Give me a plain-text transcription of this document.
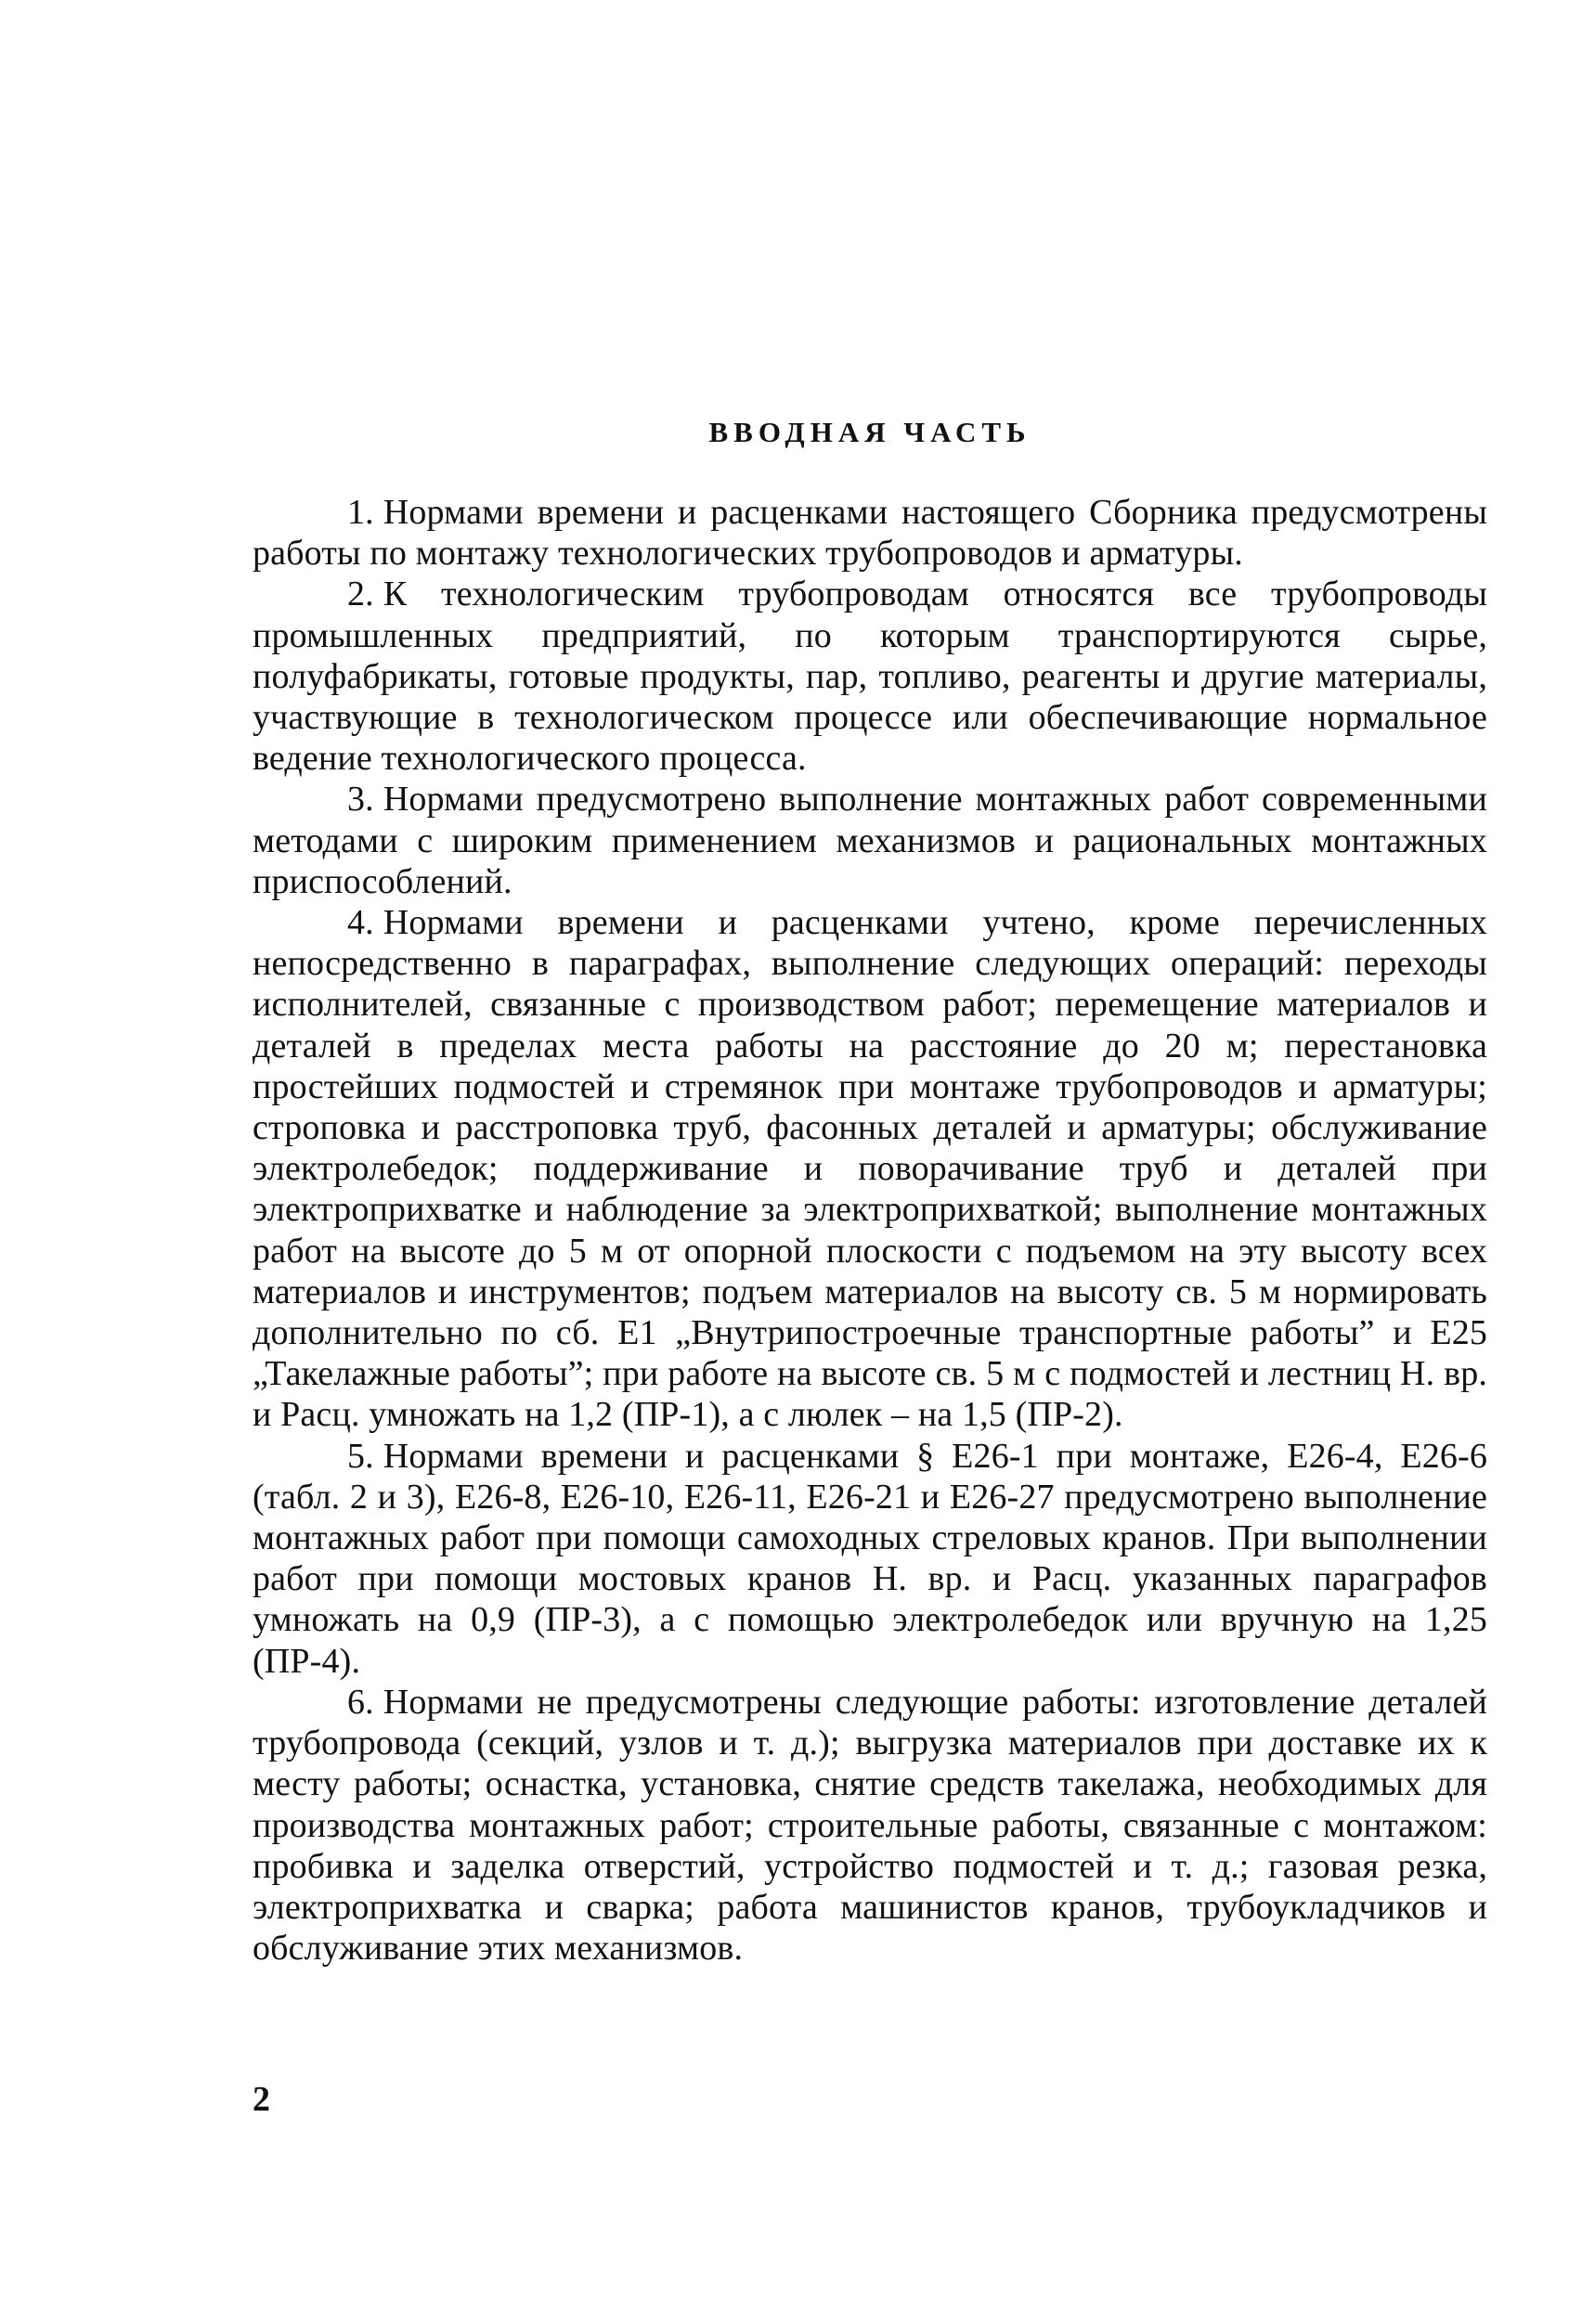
ВВОДНАЯ ЧАСТЬ

1. Нормами времени и расценками настоящего Сборника предусмотрены работы по монтажу технологических трубопроводов и арматуры.

2. К технологическим трубопроводам относятся все трубопроводы промышленных предприятий, по которым транспортируются сырье, полуфабрикаты, готовые продукты, пар, топливо, реагенты и другие материалы, участвующие в технологическом процессе или обеспечивающие нормальное ведение технологического процесса.

3. Нормами предусмотрено выполнение монтажных работ современными методами с широким применением механизмов и рациональных монтажных приспособлений.

4. Нормами времени и расценками учтено, кроме перечисленных непосредственно в параграфах, выполнение следующих операций: переходы исполнителей, связанные с производством работ; перемещение материалов и деталей в пределах места работы на расстояние до 20 м; перестановка простейших подмостей и стремянок при монтаже трубопроводов и арматуры; строповка и расстроповка труб, фасонных деталей и арматуры; обслуживание электролебедок; поддерживание и поворачивание труб и деталей при электроприхватке и наблюдение за электроприхваткой; выполнение монтажных работ на высоте до 5 м от опорной плоскости с подъемом на эту высоту всех материалов и инструментов; подъем материалов на высоту св. 5 м нормировать дополнительно по сб. Е1 „Внутрипостроечные транспортные работы” и Е25 „Такелажные работы”; при работе на высоте св. 5 м с подмостей и лестниц Н. вр. и Расц. умножать на 1,2 (ПР-1), а с люлек – на 1,5 (ПР-2).

5. Нормами времени и расценками § Е26-1 при монтаже, Е26-4, Е26-6 (табл. 2 и 3), Е26-8, Е26-10, Е26-11, Е26-21 и Е26-27 предусмотрено выполнение монтажных работ при помощи самоходных стреловых кранов. При выполнении работ при помощи мостовых кранов Н. вр. и Расц. указанных параграфов умножать на 0,9 (ПР-3), а с помощью электролебедок или вручную на 1,25 (ПР-4).

6. Нормами не предусмотрены следующие работы: изготовление деталей трубопровода (секций, узлов и т. д.); выгрузка материалов при доставке их к месту работы; оснастка, установка, снятие средств такелажа, необходимых для производства монтажных работ; строительные работы, связанные с монтажом: пробивка и заделка отверстий, устройство подмостей и т. д.; газовая резка, электроприхватка и сварка; работа машинистов кранов, трубоукладчиков и обслуживание этих механизмов.

2
